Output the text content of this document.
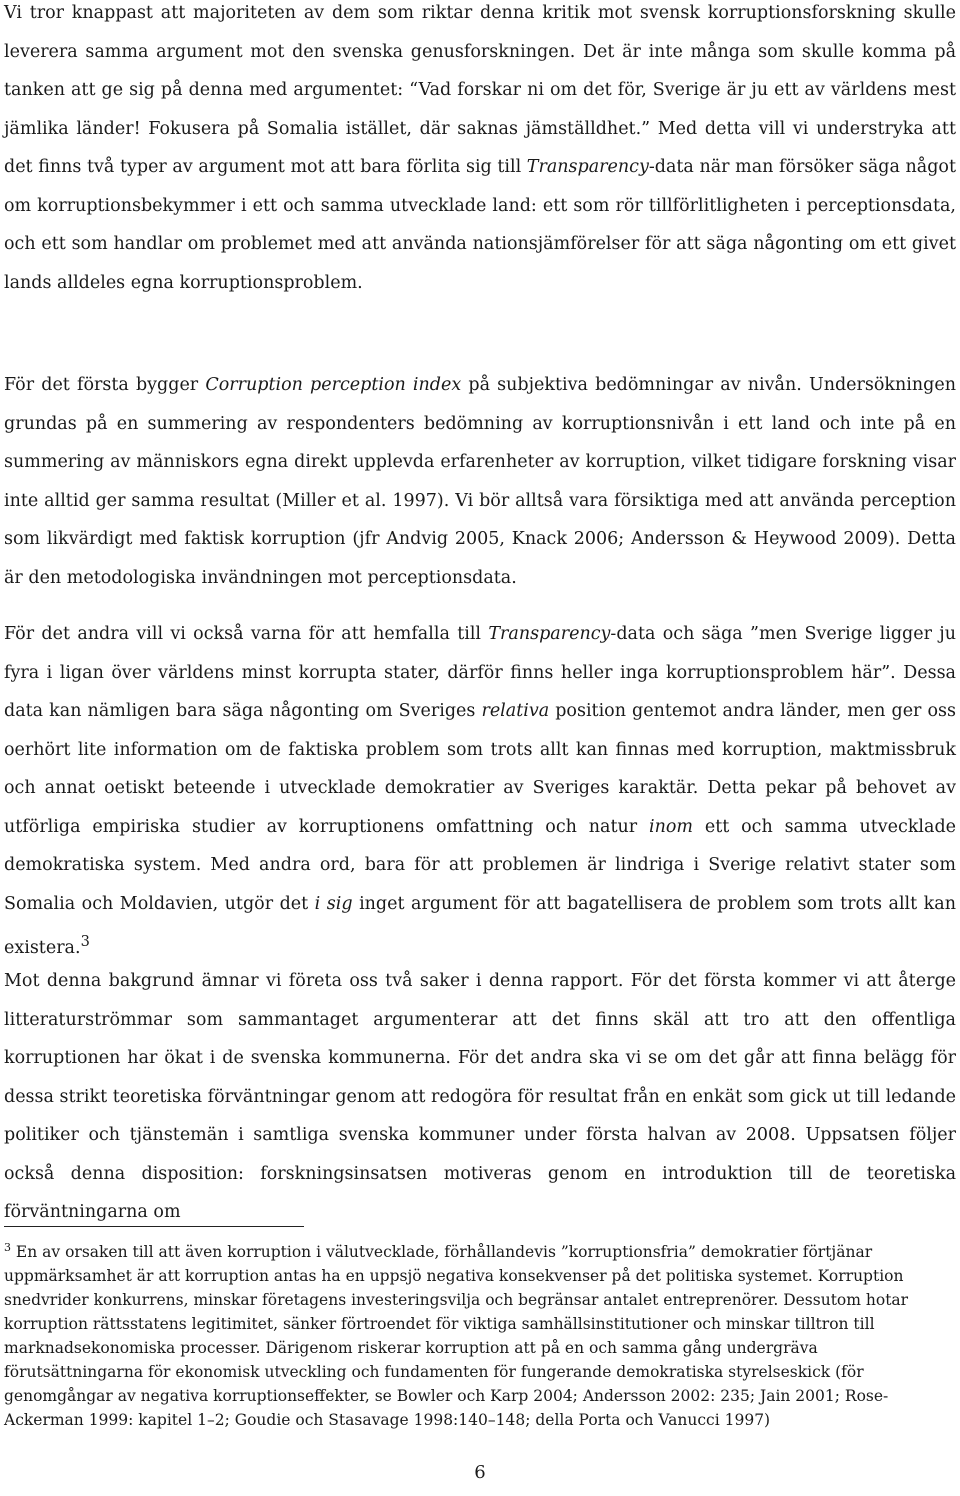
Vi tror knappast att majoriteten av dem som riktar denna kritik mot svensk korruptionsforskning skulle leverera samma argument mot den svenska genusforskningen. Det är inte många som skulle komma på tanken att ge sig på denna med argumentet: “Vad forskar ni om det för, Sverige är ju ett av världens mest jämlika länder! Fokusera på Somalia istället, där saknas jämställdhet.” Med detta vill vi understryka att det finns två typer av argument mot att bara förlita sig till Transparency-data när man försöker säga något om korruptionsbekymmer i ett och samma utvecklade land: ett som rör tillförlitligheten i perceptionsdata, och ett som handlar om problemet med att använda nationsjämförelser för att säga någonting om ett givet lands alldeles egna korruptionsproblem.

För det första bygger Corruption perception index på subjektiva bedömningar av nivån. Undersökningen grundas på en summering av respondenters bedömning av korruptionsnivån i ett land och inte på en summering av människors egna direkt upplevda erfarenheter av korruption, vilket tidigare forskning visar inte alltid ger samma resultat (Miller et al. 1997). Vi bör alltså vara försiktiga med att använda perception som likvärdigt med faktisk korruption (jfr Andvig 2005, Knack 2006; Andersson & Heywood 2009). Detta är den metodologiska invändningen mot perceptionsdata.

För det andra vill vi också varna för att hemfalla till Transparency-data och säga ”men Sverige ligger ju fyra i ligan över världens minst korrupta stater, därför finns heller inga korruptionsproblem här”. Dessa data kan nämligen bara säga någonting om Sveriges relativa position gentemot andra länder, men ger oss oerhört lite information om de faktiska problem som trots allt kan finnas med korruption, maktmissbruk och annat oetiskt beteende i utvecklade demokratier av Sveriges karaktär. Detta pekar på behovet av utförliga empiriska studier av korruptionens omfattning och natur inom ett och samma utvecklade demokratiska system. Med andra ord, bara för att problemen är lindriga i Sverige relativt stater som Somalia och Moldavien, utgör det i sig inget argument för att bagatellisera de problem som trots allt kan existera.$^3$

Mot denna bakgrund ämnar vi företa oss två saker i denna rapport. För det första kommer vi att återge litteraturströmmar som sammantaget argumenterar att det finns skäl att tro att den offentliga korruptionen har ökat i de svenska kommunerna. För det andra ska vi se om det går att finna belägg för dessa strikt teoretiska förväntningar genom att redogöra för resultat från en enkät som gick ut till ledande politiker och tjänstemän i samtliga svenska kommuner under första halvan av 2008. Uppsatsen följer också denna disposition: forskningsinsatsen motiveras genom en introduktion till de teoretiska förväntningarna om

$^3$ En av orsaken till att även korruption i välutvecklade, förhållandevis ”korruptionsfria” demokratier förtjänar uppmärksamhet är att korruption antas ha en uppsjö negativa konsekvenser på det politiska systemet. Korruption snedvrider konkurrens, minskar företagens investeringsvilja och begränsar antalet entreprenörer. Dessutom hotar korruption rättsstatens legitimitet, sänker förtroendet för viktiga samhällsinstitutioner och minskar tilltron till marknadsekonomiska processer. Därigenom riskerar korruption att på en och samma gång undergräva förutsättningarna för ekonomisk utveckling och fundamenten för fungerande demokratiska styrelseskick (för genomgångar av negativa korruptionseffekter, se Bowler och Karp 2004; Andersson 2002: 235; Jain 2001; Rose-Ackerman 1999: kapitel 1–2; Goudie och Stasavage 1998:140–148; della Porta och Vanucci 1997)

6
